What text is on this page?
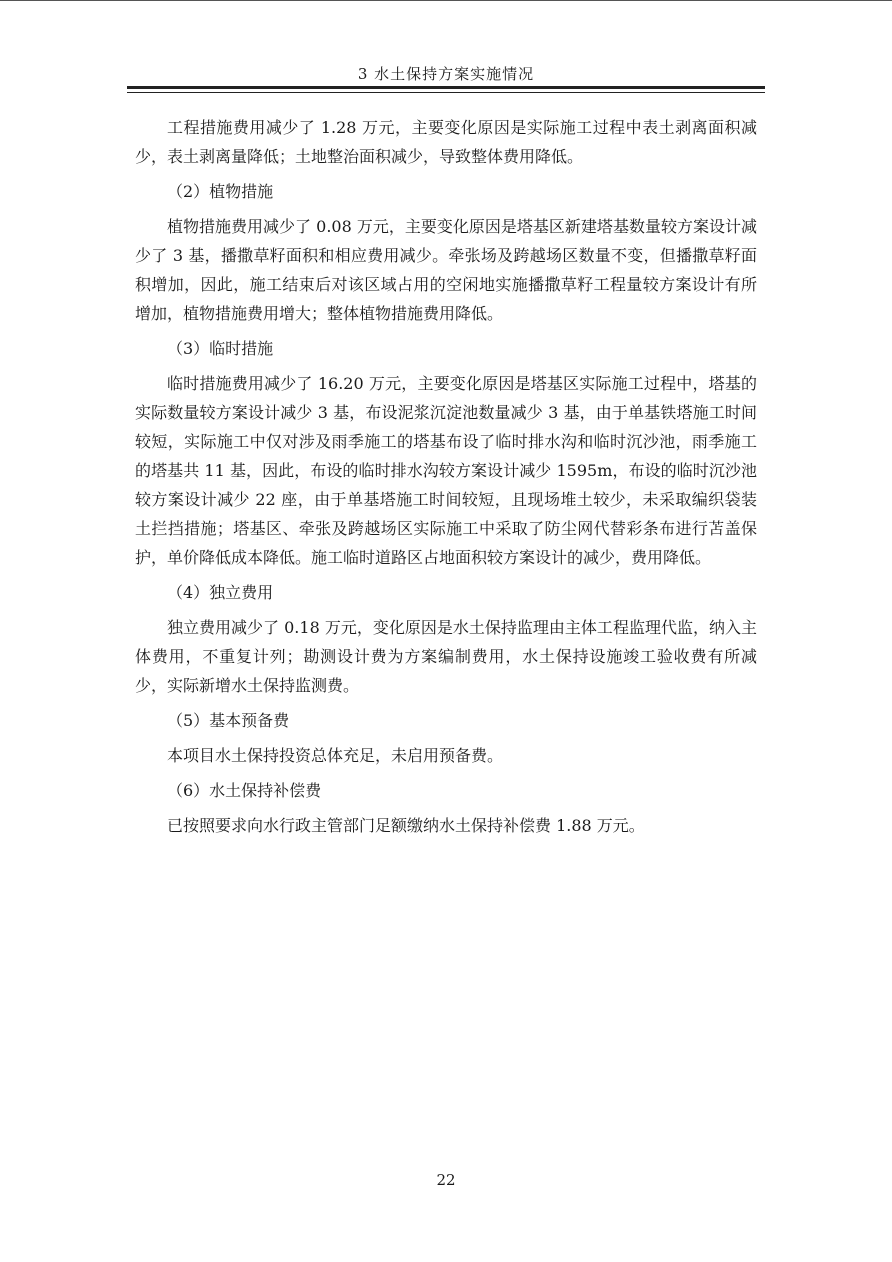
3 水土保持方案实施情况

工程措施费用减少了 1.28 万元，主要变化原因是实际施工过程中表土剥离面积减少，表土剥离量降低；土地整治面积减少，导致整体费用降低。

（2）植物措施

植物措施费用减少了 0.08 万元，主要变化原因是塔基区新建塔基数量较方案设计减少了 3 基，播撒草籽面积和相应费用减少。牵张场及跨越场区数量不变，但播撒草籽面积增加，因此，施工结束后对该区域占用的空闲地实施播撒草籽工程量较方案设计有所增加，植物措施费用增大；整体植物措施费用降低。

（3）临时措施

临时措施费用减少了 16.20 万元，主要变化原因是塔基区实际施工过程中，塔基的实际数量较方案设计减少 3 基，布设泥浆沉淀池数量减少 3 基，由于单基铁塔施工时间较短，实际施工中仅对涉及雨季施工的塔基布设了临时排水沟和临时沉沙池，雨季施工的塔基共 11 基，因此，布设的临时排水沟较方案设计减少 1595m，布设的临时沉沙池较方案设计减少 22 座，由于单基塔施工时间较短，且现场堆土较少，未采取编织袋装土拦挡措施；塔基区、牵张及跨越场区实际施工中采取了防尘网代替彩条布进行苫盖保护，单价降低成本降低。施工临时道路区占地面积较方案设计的减少，费用降低。

（4）独立费用

独立费用减少了 0.18 万元，变化原因是水土保持监理由主体工程监理代监，纳入主体费用，不重复计列；勘测设计费为方案编制费用，水土保持设施竣工验收费有所减少，实际新增水土保持监测费。

（5）基本预备费

本项目水土保持投资总体充足，未启用预备费。

（6）水土保持补偿费

已按照要求向水行政主管部门足额缴纳水土保持补偿费 1.88 万元。

22
